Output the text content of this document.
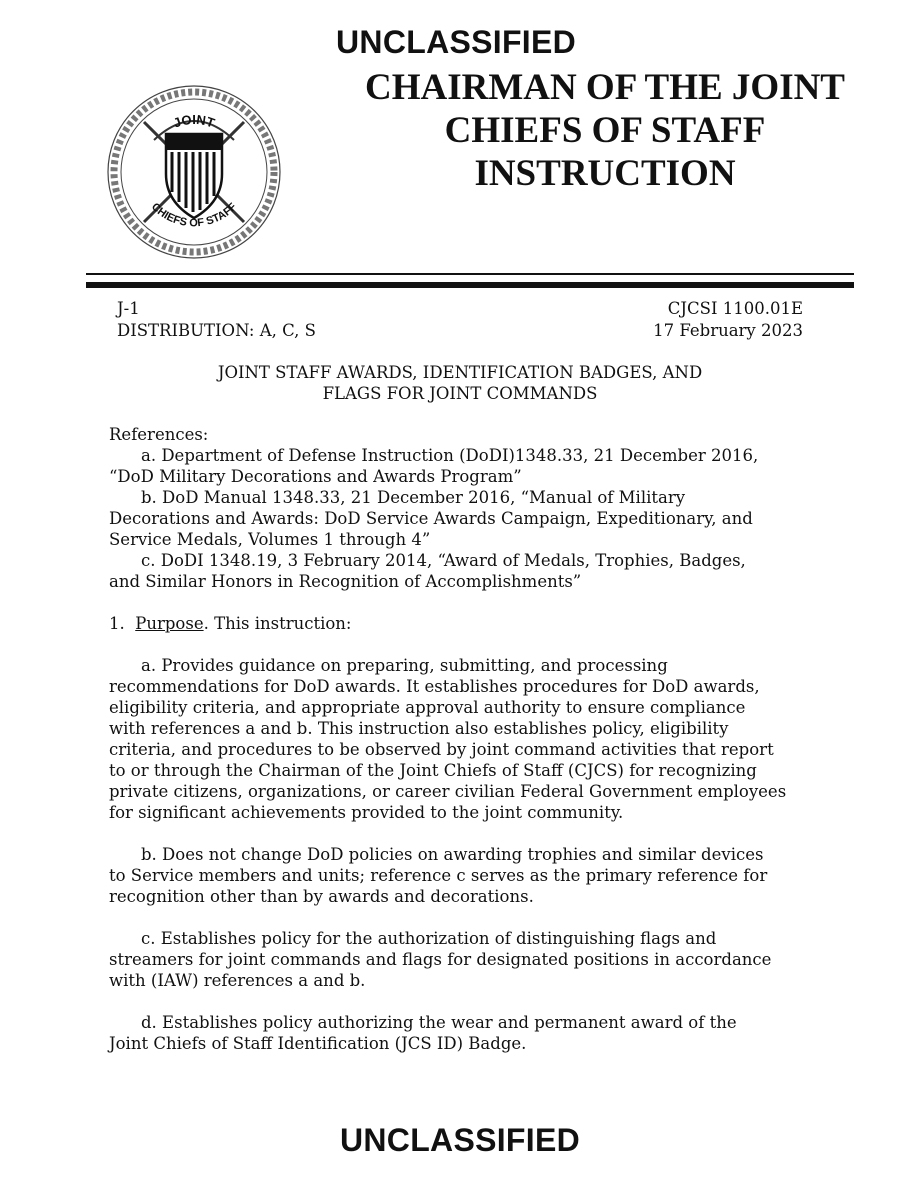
UNCLASSIFIED
JOINT
CHIEFS OF STAFF
CHAIRMAN OF THE JOINT
CHIEFS OF STAFF
INSTRUCTION
J-1
DISTRIBUTION: A, C, S
CJCSI 1100.01E
17 February 2023
JOINT STAFF AWARDS, IDENTIFICATION BADGES, AND
FLAGS FOR JOINT COMMANDS

References:

a. Department of Defense Instruction (DoDI)1348.33, 21 December 2016,

“DoD Military Decorations and Awards Program”

b. DoD Manual 1348.33, 21 December 2016, “Manual of Military

Decorations and Awards: DoD Service Awards Campaign, Expeditionary, and

Service Medals, Volumes 1 through 4”

c. DoDI 1348.19, 3 February 2014, “Award of Medals, Trophies, Badges,

and Similar Honors in Recognition of Accomplishments”

1.  Purpose. This instruction:

a. Provides guidance on preparing, submitting, and processing

recommendations for DoD awards. It establishes procedures for DoD awards,

eligibility criteria, and appropriate approval authority to ensure compliance

with references a and b. This instruction also establishes policy, eligibility

criteria, and procedures to be observed by joint command activities that report

to or through the Chairman of the Joint Chiefs of Staff (CJCS) for recognizing

private citizens, organizations, or career civilian Federal Government employees

for significant achievements provided to the joint community.

b. Does not change DoD policies on awarding trophies and similar devices

to Service members and units; reference c serves as the primary reference for

recognition other than by awards and decorations.

c. Establishes policy for the authorization of distinguishing flags and

streamers for joint commands and flags for designated positions in accordance

with (IAW) references a and b.

d. Establishes policy authorizing the wear and permanent award of the

Joint Chiefs of Staff Identification (JCS ID) Badge.

UNCLASSIFIED
